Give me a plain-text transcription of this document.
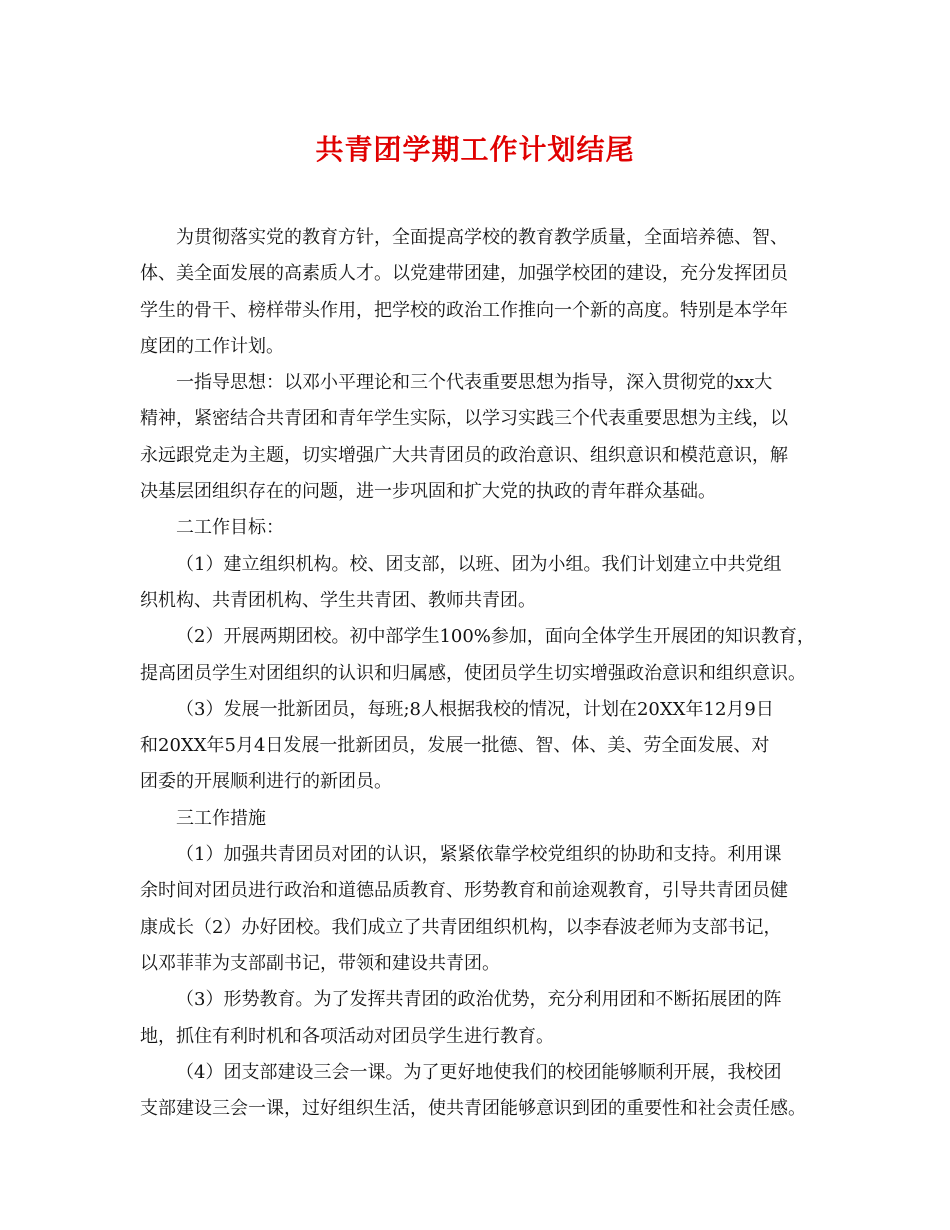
共青团学期工作计划结尾
为贯彻落实党的教育方针，全面提高学校的教育教学质量，全面培养德、智、
体、美全面发展的高素质人才。以党建带团建，加强学校团的建设，充分发挥团员
学生的骨干、榜样带头作用，把学校的政治工作推向一个新的高度。特别是本学年
度团的工作计划。
一指导思想：以邓小平理论和三个代表重要思想为指导，深入贯彻党的xx大
精神，紧密结合共青团和青年学生实际，以学习实践三个代表重要思想为主线，以
永远跟党走为主题，切实增强广大共青团员的政治意识、组织意识和模范意识，解
决基层团组织存在的问题，进一步巩固和扩大党的执政的青年群众基础。
二工作目标：
（1）建立组织机构。校、团支部，以班、团为小组。我们计划建立中共党组
织机构、共青团机构、学生共青团、教师共青团。
（2）开展两期团校。初中部学生100%参加，面向全体学生开展团的知识教育，
提高团员学生对团组织的认识和归属感，使团员学生切实增强政治意识和组织意识。
（3）发展一批新团员，每班;8人根据我校的情况，计划在20XX年12月9日
和20XX年5月4日发展一批新团员，发展一批德、智、体、美、劳全面发展、对
团委的开展顺利进行的新团员。
三工作措施
（1）加强共青团员对团的认识，紧紧依靠学校党组织的协助和支持。利用课
余时间对团员进行政治和道德品质教育、形势教育和前途观教育，引导共青团员健
康成长（2）办好团校。我们成立了共青团组织机构，以李春波老师为支部书记，
以邓菲菲为支部副书记，带领和建设共青团。
（3）形势教育。为了发挥共青团的政治优势，充分利用团和不断拓展团的阵
地，抓住有利时机和各项活动对团员学生进行教育。
（4）团支部建设三会一课。为了更好地使我们的校团能够顺利开展，我校团
支部建设三会一课，过好组织生活，使共青团能够意识到团的重要性和社会责任感。
